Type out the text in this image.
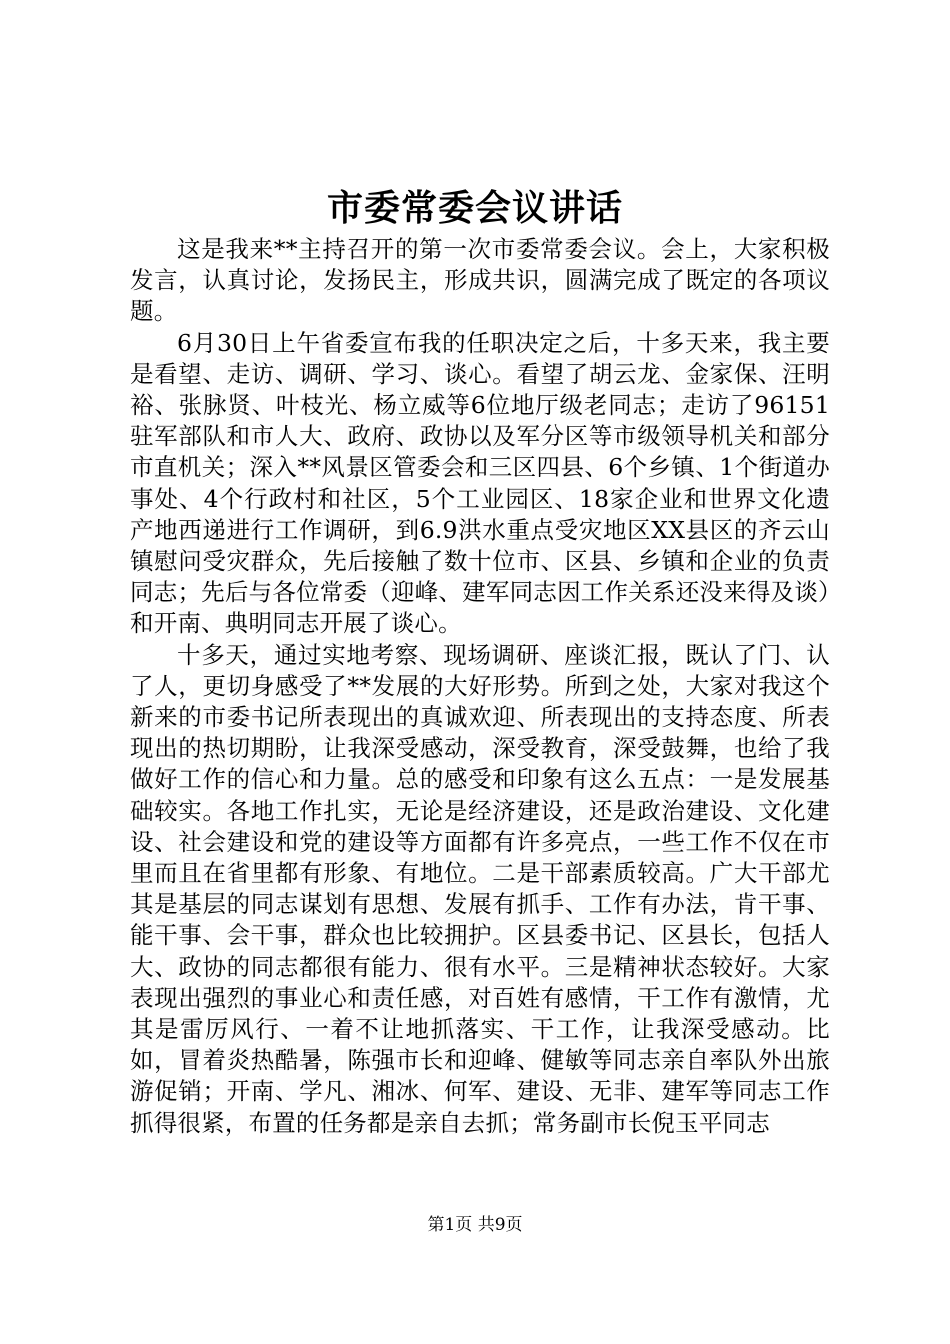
市委常委会议讲话

这是我来**主持召开的第一次市委常委会议。会上，大家积极发言，认真讨论，发扬民主，形成共识，圆满完成了既定的各项议题。

6月30日上午省委宣布我的任职决定之后，十多天来，我主要是看望、走访、调研、学习、谈心。看望了胡云龙、金家保、汪明裕、张脉贤、叶枝光、杨立威等6位地厅级老同志；走访了96151驻军部队和市人大、政府、政协以及军分区等市级领导机关和部分市直机关；深入**风景区管委会和三区四县、6个乡镇、1个街道办事处、4个行政村和社区，5个工业园区、18家企业和世界文化遗产地西递进行工作调研，到6.9洪水重点受灾地区XX县区的齐云山镇慰问受灾群众，先后接触了数十位市、区县、乡镇和企业的负责同志；先后与各位常委（迎峰、建军同志因工作关系还没来得及谈）和开南、典明同志开展了谈心。

十多天，通过实地考察、现场调研、座谈汇报，既认了门、认了人，更切身感受了**发展的大好形势。所到之处，大家对我这个新来的市委书记所表现出的真诚欢迎、所表现出的支持态度、所表现出的热切期盼，让我深受感动，深受教育，深受鼓舞，也给了我做好工作的信心和力量。总的感受和印象有这么五点：一是发展基础较实。各地工作扎实，无论是经济建设，还是政治建设、文化建设、社会建设和党的建设等方面都有许多亮点，一些工作不仅在市里而且在省里都有形象、有地位。二是干部素质较高。广大干部尤其是基层的同志谋划有思想、发展有抓手、工作有办法，肯干事、能干事、会干事，群众也比较拥护。区县委书记、区县长，包括人大、政协的同志都很有能力、很有水平。三是精神状态较好。大家表现出强烈的事业心和责任感，对百姓有感情，干工作有激情，尤其是雷厉风行、一着不让地抓落实、干工作，让我深受感动。比如，冒着炎热酷暑，陈强市长和迎峰、健敏等同志亲自率队外出旅游促销；开南、学凡、湘冰、何军、建设、无非、建军等同志工作抓得很紧，布置的任务都是亲自去抓；常务副市长倪玉平同志

第1页 共9页
